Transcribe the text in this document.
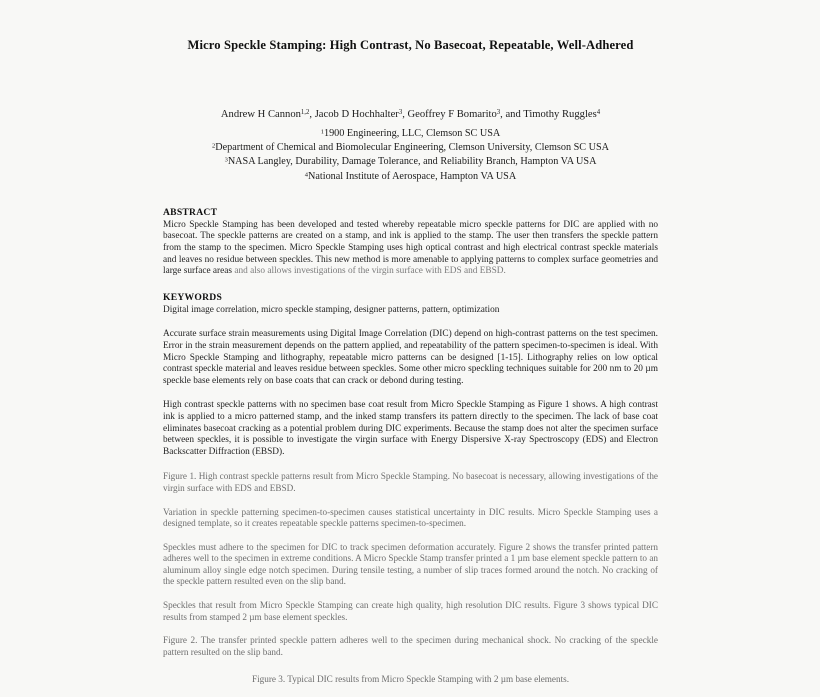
Micro Speckle Stamping: High Contrast, No Basecoat, Repeatable, Well-Adhered
Andrew H Cannon$^{1,2}$, Jacob D Hochhalter$^3$, Geoffrey F Bomarito$^3$, and Timothy Ruggles$^4$
$^1$1900 Engineering, LLC, Clemson SC USA
$^2$Department of Chemical and Biomolecular Engineering, Clemson University, Clemson SC USA
$^3$NASA Langley, Durability, Damage Tolerance, and Reliability Branch, Hampton VA USA
$^4$National Institute of Aerospace, Hampton VA USA
ABSTRACT
Micro Speckle Stamping has been developed and tested whereby repeatable micro speckle patterns for DIC are applied with no basecoat. The speckle patterns are created on a stamp, and ink is applied to the stamp. The user then transfers the speckle pattern from the stamp to the specimen. Micro Speckle Stamping uses high optical contrast and high electrical contrast speckle materials and leaves no residue between speckles. This new method is more amenable to applying patterns to complex surface geometries and large surface areas and also allows investigations of the virgin surface with EDS and EBSD.
KEYWORDS
Digital image correlation, micro speckle stamping, designer patterns, pattern, optimization
Accurate surface strain measurements using Digital Image Correlation (DIC) depend on high-contrast patterns on the test specimen. Error in the strain measurement depends on the pattern applied, and repeatability of the pattern specimen-to-specimen is ideal. With Micro Speckle Stamping and lithography, repeatable micro patterns can be designed [1-15]. Lithography relies on low optical contrast speckle material and leaves residue between speckles. Some other micro speckling techniques suitable for 200 nm to 20 µm speckle base elements rely on base coats that can crack or debond during testing.
High contrast speckle patterns with no specimen base coat result from Micro Speckle Stamping as Figure 1 shows. A high contrast ink is applied to a micro patterned stamp, and the inked stamp transfers its pattern directly to the specimen. The lack of base coat eliminates basecoat cracking as a potential problem during DIC experiments. Because the stamp does not alter the specimen surface between speckles, it is possible to investigate the virgin surface with Energy Dispersive X-ray Spectroscopy (EDS) and Electron Backscatter Diffraction (EBSD).
Figure 1. High contrast speckle patterns result from Micro Speckle Stamping. No basecoat is necessary, allowing investigations of the virgin surface with EDS and EBSD.
Variation in speckle patterning specimen-to-specimen causes statistical uncertainty in DIC results. Micro Speckle Stamping uses a designed template, so it creates repeatable speckle patterns specimen-to-specimen.
Speckles must adhere to the specimen for DIC to track specimen deformation accurately. Figure 2 shows the transfer printed pattern adheres well to the specimen in extreme conditions. A Micro Speckle Stamp transfer printed a 1 µm base element speckle pattern to an aluminum alloy single edge notch specimen. During tensile testing, a number of slip traces formed around the notch. No cracking of the speckle pattern resulted even on the slip band.
Speckles that result from Micro Speckle Stamping can create high quality, high resolution DIC results. Figure 3 shows typical DIC results from stamped 2 µm base element speckles.
Figure 2. The transfer printed speckle pattern adheres well to the specimen during mechanical shock. No cracking of the speckle pattern resulted on the slip band.
Figure 3. Typical DIC results from Micro Speckle Stamping with 2 µm base elements.
